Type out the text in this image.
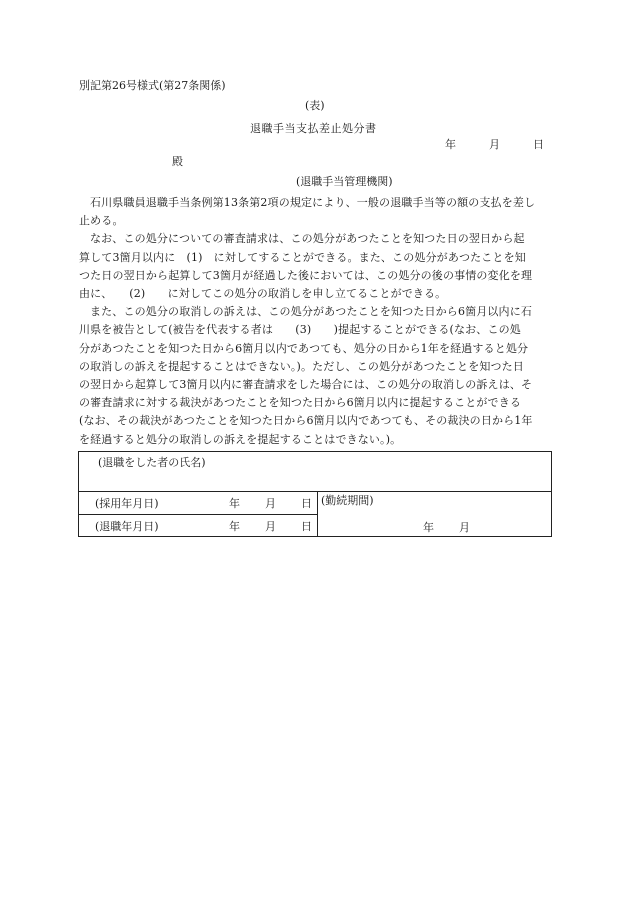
別記第26号様式(第27条関係)
(表)
退職手当支払差止処分書
年	月	日
殿
(退職手当管理機関)

石川県職員退職手当条例第13条第2項の規定により、一般の退職手当等の額の支払を差し
止める。

なお、この処分についての審査請求は、この処分があつたことを知つた日の翌日から起
算して3箇月以内に　(1)　に対してすることができる。また、この処分があつたことを知
つた日の翌日から起算して3箇月が経過した後においては、この処分の後の事情の変化を理
由に、　　(2)　　に対してこの処分の取消しを申し立てることができる。

また、この処分の取消しの訴えは、この処分があつたことを知つた日から6箇月以内に石
川県を被告として(被告を代表する者は　　(3)　　)提起することができる(なお、この処
分があつたことを知つた日から6箇月以内であつても、処分の日から1年を経過すると処分
の取消しの訴えを提起することはできない。)。ただし、この処分があつたことを知つた日
の翌日から起算して3箇月以内に審査請求をした場合には、この処分の取消しの訴えは、そ
の審査請求に対する裁決があつたことを知つた日から6箇月以内に提起することができる
(なお、その裁決があつたことを知つた日から6箇月以内であつても、その裁決の日から1年
を経過すると処分の取消しの訴えを提起することはできない。)。

(退職をした者の氏名)
(採用年月日)	年 月 日
(退職年月日)	年 月 日
(勤続期間)
年 月
